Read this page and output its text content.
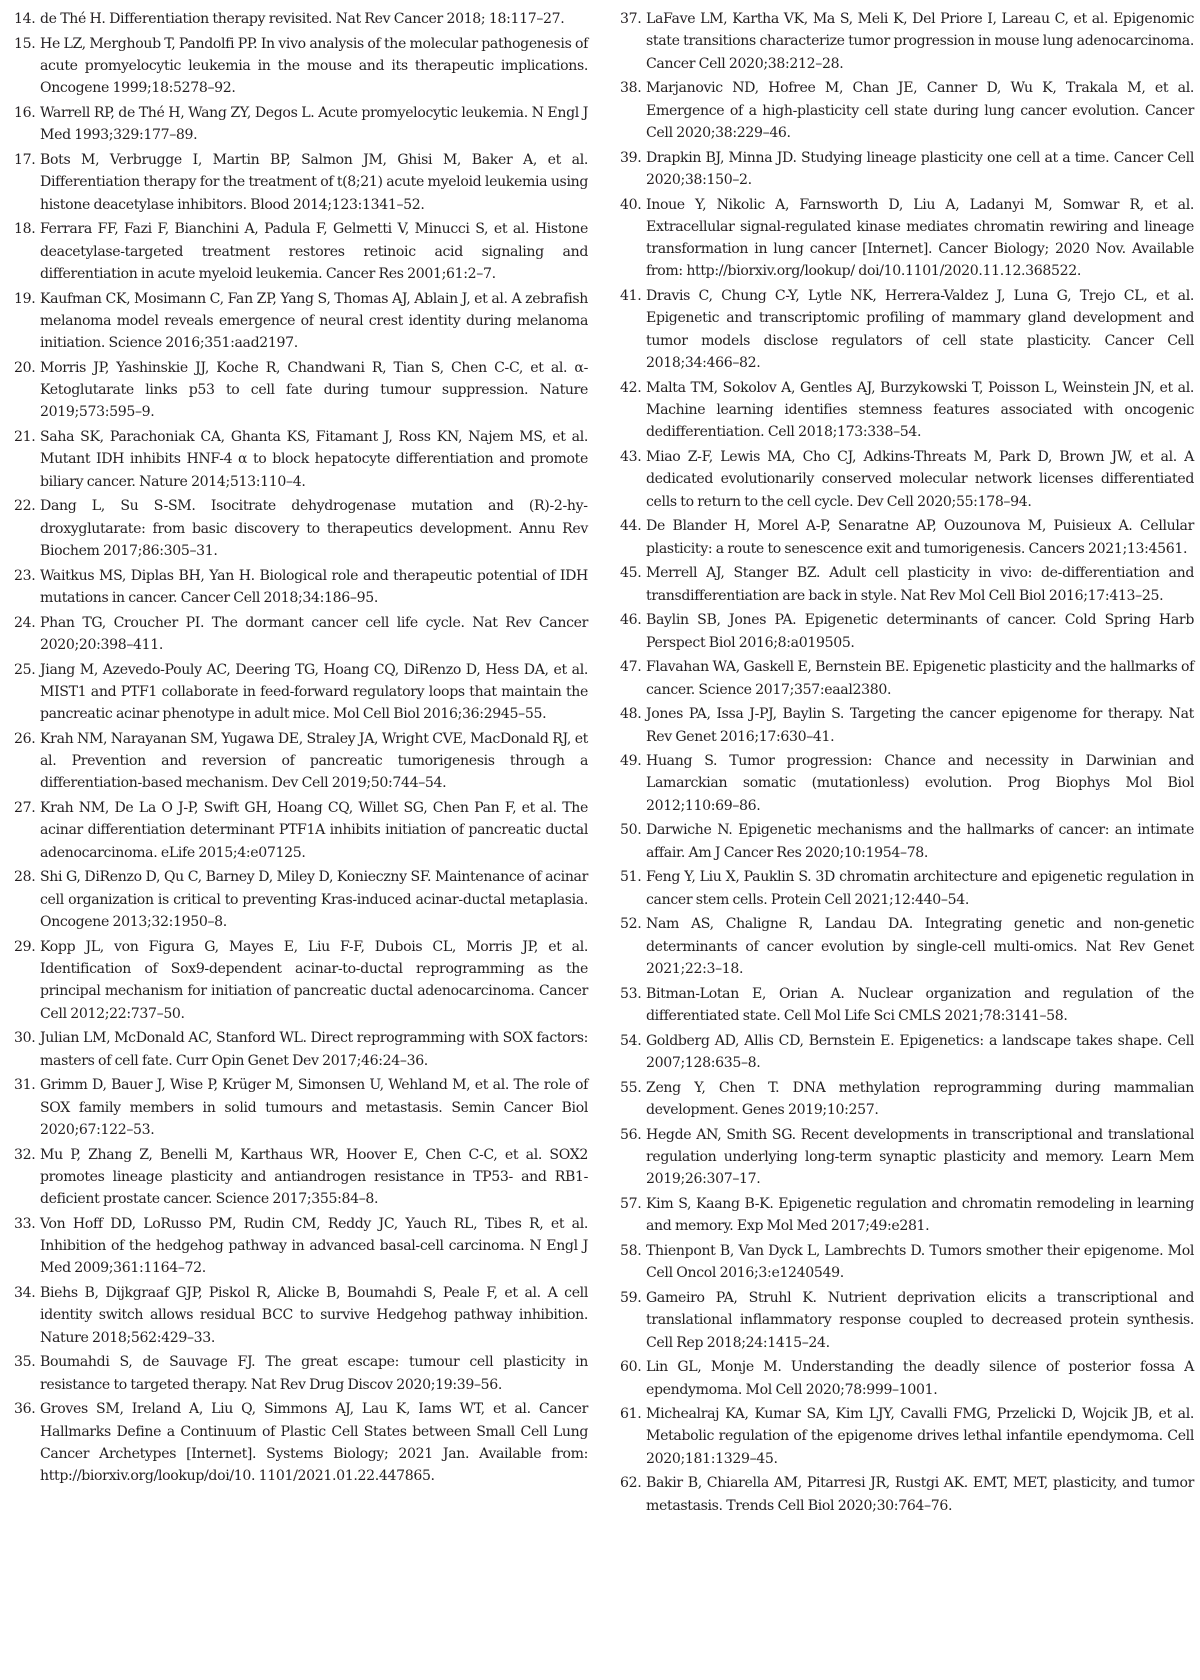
14. de Thé H. Differentiation therapy revisited. Nat Rev Cancer 2018; 18:117–27.

15. He LZ, Merghoub T, Pandolfi PP. In vivo analysis of the molecular pathogenesis of acute promyelocytic leukemia in the mouse and its therapeutic implications. Oncogene 1999;18:5278–92.

16. Warrell RP, de Thé H, Wang ZY, Degos L. Acute promyelocytic leukemia. N Engl J Med 1993;329:177–89.

17. Bots M, Verbrugge I, Martin BP, Salmon JM, Ghisi M, Baker A, et al. Differentiation therapy for the treatment of t(8;21) acute myeloid leukemia using histone deacetylase inhibitors. Blood 2014;123:1341–52.

18. Ferrara FF, Fazi F, Bianchini A, Padula F, Gelmetti V, Minucci S, et al. Histone deacetylase-targeted treatment restores retinoic acid signaling and differentiation in acute myeloid leukemia. Cancer Res 2001;61:2–7.

19. Kaufman CK, Mosimann C, Fan ZP, Yang S, Thomas AJ, Ablain J, et al. A zebrafish melanoma model reveals emergence of neural crest identity during melanoma initiation. Science 2016;351:aad2197.

20. Morris JP, Yashinskie JJ, Koche R, Chandwani R, Tian S, Chen C-C, et al. α-Ketoglutarate links p53 to cell fate during tumour suppression. Nature 2019;573:595–9.

21. Saha SK, Parachoniak CA, Ghanta KS, Fitamant J, Ross KN, Najem MS, et al. Mutant IDH inhibits HNF-4 α to block hepatocyte differentiation and promote biliary cancer. Nature 2014;513:110–4.

22. Dang L, Su S-SM. Isocitrate dehydrogenase mutation and (R)-2-hydroxyglutarate: from basic discovery to therapeutics development. Annu Rev Biochem 2017;86:305–31.

23. Waitkus MS, Diplas BH, Yan H. Biological role and therapeutic potential of IDH mutations in cancer. Cancer Cell 2018;34:186–95.

24. Phan TG, Croucher PI. The dormant cancer cell life cycle. Nat Rev Cancer 2020;20:398–411.

25. Jiang M, Azevedo-Pouly AC, Deering TG, Hoang CQ, DiRenzo D, Hess DA, et al. MIST1 and PTF1 collaborate in feed-forward regulatory loops that maintain the pancreatic acinar phenotype in adult mice. Mol Cell Biol 2016;36:2945–55.

26. Krah NM, Narayanan SM, Yugawa DE, Straley JA, Wright CVE, MacDonald RJ, et al. Prevention and reversion of pancreatic tumorigenesis through a differentiation-based mechanism. Dev Cell 2019;50:744–54.

27. Krah NM, De La O J-P, Swift GH, Hoang CQ, Willet SG, Chen Pan F, et al. The acinar differentiation determinant PTF1A inhibits initiation of pancreatic ductal adenocarcinoma. eLife 2015;4:e07125.

28. Shi G, DiRenzo D, Qu C, Barney D, Miley D, Konieczny SF. Maintenance of acinar cell organization is critical to preventing Kras-induced acinar-ductal metaplasia. Oncogene 2013;32:1950–8.

29. Kopp JL, von Figura G, Mayes E, Liu F-F, Dubois CL, Morris JP, et al. Identification of Sox9-dependent acinar-to-ductal reprogramming as the principal mechanism for initiation of pancreatic ductal adenocarcinoma. Cancer Cell 2012;22:737–50.

30. Julian LM, McDonald AC, Stanford WL. Direct reprogramming with SOX factors: masters of cell fate. Curr Opin Genet Dev 2017;46:24–36.

31. Grimm D, Bauer J, Wise P, Krüger M, Simonsen U, Wehland M, et al. The role of SOX family members in solid tumours and metastasis. Semin Cancer Biol 2020;67:122–53.

32. Mu P, Zhang Z, Benelli M, Karthaus WR, Hoover E, Chen C-C, et al. SOX2 promotes lineage plasticity and antiandrogen resistance in TP53- and RB1-deficient prostate cancer. Science 2017;355:84–8.

33. Von Hoff DD, LoRusso PM, Rudin CM, Reddy JC, Yauch RL, Tibes R, et al. Inhibition of the hedgehog pathway in advanced basal-cell carcinoma. N Engl J Med 2009;361:1164–72.

34. Biehs B, Dijkgraaf GJP, Piskol R, Alicke B, Boumahdi S, Peale F, et al. A cell identity switch allows residual BCC to survive Hedgehog pathway inhibition. Nature 2018;562:429–33.

35. Boumahdi S, de Sauvage FJ. The great escape: tumour cell plasticity in resistance to targeted therapy. Nat Rev Drug Discov 2020;19:39–56.

36. Groves SM, Ireland A, Liu Q, Simmons AJ, Lau K, Iams WT, et al. Cancer Hallmarks Define a Continuum of Plastic Cell States between Small Cell Lung Cancer Archetypes [Internet]. Systems Biology; 2021 Jan. Available from: http://biorxiv.org/lookup/doi/10. 1101/2021.01.22.447865.

37. LaFave LM, Kartha VK, Ma S, Meli K, Del Priore I, Lareau C, et al. Epigenomic state transitions characterize tumor progression in mouse lung adenocarcinoma. Cancer Cell 2020;38:212–28.

38. Marjanovic ND, Hofree M, Chan JE, Canner D, Wu K, Trakala M, et al. Emergence of a high-plasticity cell state during lung cancer evolution. Cancer Cell 2020;38:229–46.

39. Drapkin BJ, Minna JD. Studying lineage plasticity one cell at a time. Cancer Cell 2020;38:150–2.

40. Inoue Y, Nikolic A, Farnsworth D, Liu A, Ladanyi M, Somwar R, et al. Extracellular signal-regulated kinase mediates chromatin rewiring and lineage transformation in lung cancer [Internet]. Cancer Biology; 2020 Nov. Available from: http://biorxiv.org/lookup/ doi/10.1101/2020.11.12.368522.

41. Dravis C, Chung C-Y, Lytle NK, Herrera-Valdez J, Luna G, Trejo CL, et al. Epigenetic and transcriptomic profiling of mammary gland development and tumor models disclose regulators of cell state plasticity. Cancer Cell 2018;34:466–82.

42. Malta TM, Sokolov A, Gentles AJ, Burzykowski T, Poisson L, Weinstein JN, et al. Machine learning identifies stemness features associated with oncogenic dedifferentiation. Cell 2018;173:338–54.

43. Miao Z-F, Lewis MA, Cho CJ, Adkins-Threats M, Park D, Brown JW, et al. A dedicated evolutionarily conserved molecular network licenses differentiated cells to return to the cell cycle. Dev Cell 2020;55:178–94.

44. De Blander H, Morel A-P, Senaratne AP, Ouzounova M, Puisieux A. Cellular plasticity: a route to senescence exit and tumorigenesis. Cancers 2021;13:4561.

45. Merrell AJ, Stanger BZ. Adult cell plasticity in vivo: de-differentiation and transdifferentiation are back in style. Nat Rev Mol Cell Biol 2016;17:413–25.

46. Baylin SB, Jones PA. Epigenetic determinants of cancer. Cold Spring Harb Perspect Biol 2016;8:a019505.

47. Flavahan WA, Gaskell E, Bernstein BE. Epigenetic plasticity and the hallmarks of cancer. Science 2017;357:eaal2380.

48. Jones PA, Issa J-PJ, Baylin S. Targeting the cancer epigenome for therapy. Nat Rev Genet 2016;17:630–41.

49. Huang S. Tumor progression: Chance and necessity in Darwinian and Lamarckian somatic (mutationless) evolution. Prog Biophys Mol Biol 2012;110:69–86.

50. Darwiche N. Epigenetic mechanisms and the hallmarks of cancer: an intimate affair. Am J Cancer Res 2020;10:1954–78.

51. Feng Y, Liu X, Pauklin S. 3D chromatin architecture and epigenetic regulation in cancer stem cells. Protein Cell 2021;12:440–54.

52. Nam AS, Chaligne R, Landau DA. Integrating genetic and non-genetic determinants of cancer evolution by single-cell multi-omics. Nat Rev Genet 2021;22:3–18.

53. Bitman-Lotan E, Orian A. Nuclear organization and regulation of the differentiated state. Cell Mol Life Sci CMLS 2021;78:3141–58.

54. Goldberg AD, Allis CD, Bernstein E. Epigenetics: a landscape takes shape. Cell 2007;128:635–8.

55. Zeng Y, Chen T. DNA methylation reprogramming during mammalian development. Genes 2019;10:257.

56. Hegde AN, Smith SG. Recent developments in transcriptional and translational regulation underlying long-term synaptic plasticity and memory. Learn Mem 2019;26:307–17.

57. Kim S, Kaang B-K. Epigenetic regulation and chromatin remodeling in learning and memory. Exp Mol Med 2017;49:e281.

58. Thienpont B, Van Dyck L, Lambrechts D. Tumors smother their epigenome. Mol Cell Oncol 2016;3:e1240549.

59. Gameiro PA, Struhl K. Nutrient deprivation elicits a transcriptional and translational inflammatory response coupled to decreased protein synthesis. Cell Rep 2018;24:1415–24.

60. Lin GL, Monje M. Understanding the deadly silence of posterior fossa A ependymoma. Mol Cell 2020;78:999–1001.

61. Michealraj KA, Kumar SA, Kim LJY, Cavalli FMG, Przelicki D, Wojcik JB, et al. Metabolic regulation of the epigenome drives lethal infantile ependymoma. Cell 2020;181:1329–45.

62. Bakir B, Chiarella AM, Pitarresi JR, Rustgi AK. EMT, MET, plasticity, and tumor metastasis. Trends Cell Biol 2020;30:764–76.
